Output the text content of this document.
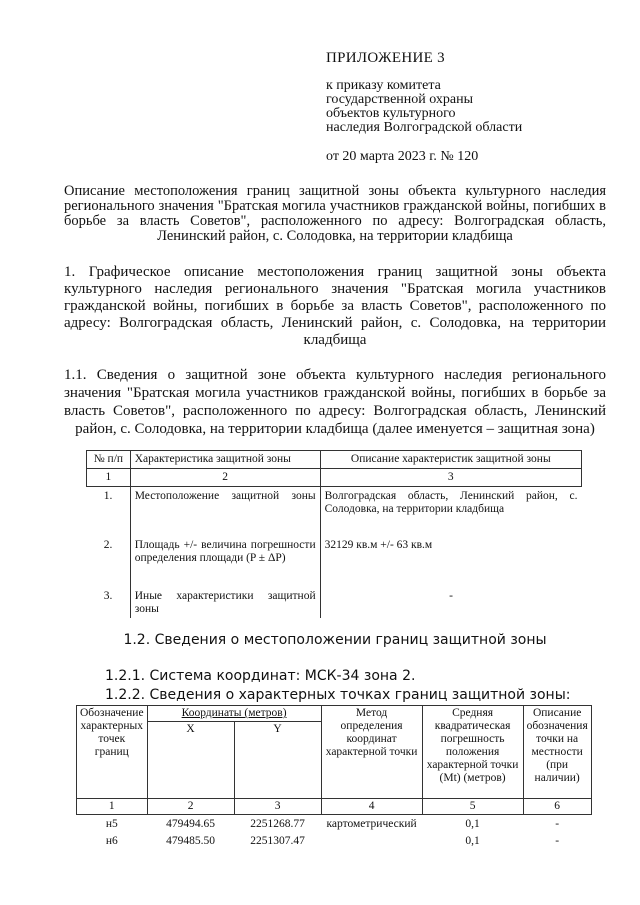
ПРИЛОЖЕНИЕ 3
к приказу комитета
государственной охраны
объектов культурного
наследия Волгоградской области
от 20 марта 2023 г. № 120
Описание местоположения границ защитной зоны объекта культурного наследия регионального значения "Братская могила участников гражданской войны, погибших в борьбе за власть Советов", расположенного по адресу: Волгоградская область, Ленинский район, с. Солодовка, на территории кладбища
1. Графическое описание местоположения границ защитной зоны объекта культурного наследия регионального значения "Братская могила участников гражданской войны, погибших в борьбе за власть Советов", расположенного по адресу: Волгоградская область, Ленинский район, с. Солодовка, на территории кладбища
1.1. Сведения о защитной зоне объекта культурного наследия регионального значения "Братская могила участников гражданской войны, погибших в борьбе за власть Советов", расположенного по адресу: Волгоградская область, Ленинский район, с. Солодовка, на территории кладбища (далее именуется – защитная зона)
№ п/п	Характеристика защитной зоны	Описание характеристик защитной зоны
1	2	3
1.	Местоположение защитной зоны	Волгоградская область, Ленинский район, с. Солодовка, на территории кладбища
2.	Площадь +/- величина погрешности определения площади (P ± ΔP)	32129 кв.м +/- 63 кв.м
3.	Иные характеристики защитной зоны	-
1.2. Сведения о местоположении границ защитной зоны
1.2.1. Система координат: МСК-34 зона 2.
1.2.2. Сведения о характерных точках границ защитной зоны:
Обозначение характерных точек границ	Координаты (метров)		Метод определения координат характерной точки	Средняя квадратическая погрешность положения характерной точки (Mt) (метров)	Описание обозначения точки на местности (при наличии)
	X	Y			
1	2	3	4	5	6
н5	479494.65	2251268.77	картометрический	0,1	-
н6	479485.50	2251307.47		0,1	-
